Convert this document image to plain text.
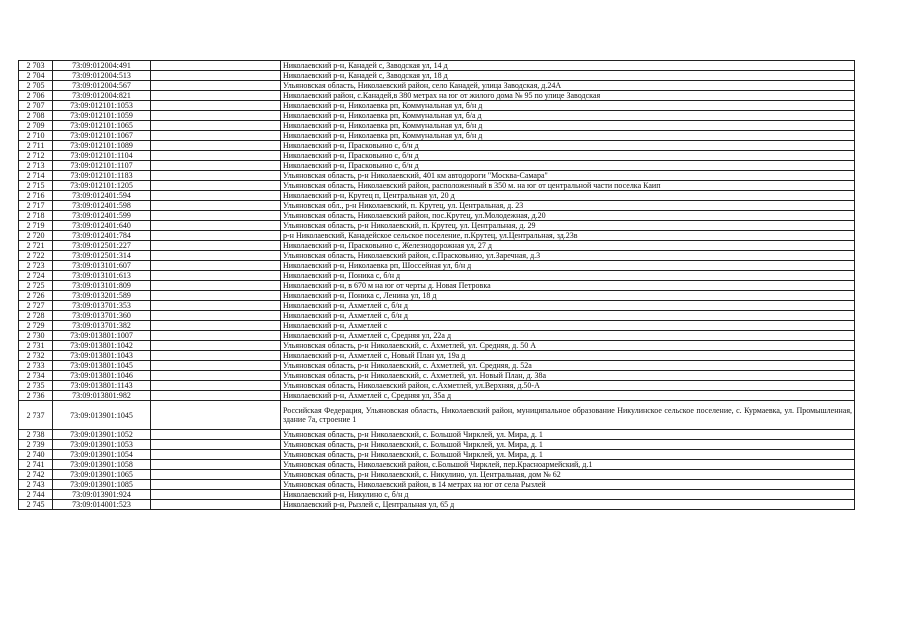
2 703	73:09:012004:491		Николаевский р-н, Канадей с, Заводская ул, 14 д
2 704	73:09:012004:513		Николаевский р-н, Канадей с, Заводская ул, 18 д
2 705	73:09:012004:567		Ульяновская область, Николаевский район, село Канадей, улица Заводская, д.24А
2 706	73:09:012004:821		Николаевский район, с.Канадей,в 380 метрах на юг от жилого дома № 95 по улице Заводская
2 707	73:09:012101:1053		Николаевский р-н, Николаевка рп, Коммунальная ул, б/н д
2 708	73:09:012101:1059		Николаевский р-н, Николаевка рп, Коммунальная ул, б/а д
2 709	73:09:012101:1065		Николаевский р-н, Николаевка рп, Коммунальная ул, б/н д
2 710	73:09:012101:1067		Николаевский р-н, Николаевка рп, Коммунальная ул, б/н д
2 711	73:09:012101:1089		Николаевский р-н, Прасковьино с, б/н д
2 712	73:09:012101:1104		Николаевский р-н, Прасковьино с, б/н д
2 713	73:09:012101:1107		Николаевский р-н, Прасковьино с, б/н д
2 714	73:09:012101:1183		Ульяновская область, р-н Николаевский, 401 км автодороги "Москва-Самара"
2 715	73:09:012101:1205		Ульяновская область, Николаевский район, расположенный в 350 м. на юг от центральной части поселка Каип
2 716	73:09:012401:594		Николаевский р-н, Крутец п, Центральная ул, 20 д
2 717	73:09:012401:598		Ульяновская обл., р-н Николаевский, п. Крутец, ул. Центральная, д. 23
2 718	73:09:012401:599		Ульяновская область, Николаевский район, пос.Крутец, ул.Молодежная, д.20
2 719	73:09:012401:640		Ульяновская область, р-н Николаевский, п. Крутец, ул. Центральная, д. 29
2 720	73:09:012401:784		р-н Николаевский, Канадейское сельское поселение, п.Крутец, ул.Центральная, зд.23в
2 721	73:09:012501:227		Николаевский р-н, Прасковьино с, Железнодорожная ул, 27 д
2 722	73:09:012501:314		Ульяновская область, Николаевский район, с.Прасковьино, ул.Заречная, д.3
2 723	73:09:013101:607		Николаевский р-н, Николаевка рп, Шоссейная ул, б/н д
2 724	73:09:013101:613		Николаевский р-н, Поника с, б/н д
2 725	73:09:013101:809		Николаевский р-н, в 670 м на юг от черты д. Новая Петровка
2 726	73:09:013201:589		Николаевский р-н, Поника с, Ленина ул, 18 д
2 727	73:09:013701:353		Николаевский р-н, Ахметлей с, б/н д
2 728	73:09:013701:360		Николаевский р-н, Ахметлей с, б/н д
2 729	73:09:013701:382		Николаевский р-н, Ахметлей с
2 730	73:09:013801:1007		Николаевский р-н, Ахметлей с, Средняя ул, 22а д
2 731	73:09:013801:1042		Ульяновская область, р-н Николаевский, с. Ахметлей, ул. Средняя, д. 50 А
2 732	73:09:013801:1043		Николаевский р-н, Ахметлей с, Новый План ул, 19а д
2 733	73:09:013801:1045		Ульяновская область, р-н Николаевский, с. Ахметлей, ул. Средняя, д. 52а
2 734	73:09:013801:1046		Ульяновская область, р-н Николаевский, с. Ахметлей, ул. Новый План, д. 38а
2 735	73:09:013801:1143		Ульяновская область, Николаевский район, с.Ахметлей, ул.Верхняя, д.50-А
2 736	73:09:013801:982		Николаевский р-н, Ахметлей с, Средняя ул, 35а д
2 737	73:09:013901:1045		Российская Федерация, Ульяновская область, Николаевский район, муниципальное образование Никулинское сельское поселение, с. Курмаевка, ул. Промышленная, здание 7а, строение 1
2 738	73:09:013901:1052		Ульяновская область, р-н Николаевский, с. Большой Чирклей, ул. Мира, д. 1
2 739	73:09:013901:1053		Ульяновская область, р-н Николаевский, с. Большой Чирклей, ул. Мира, д. 1
2 740	73:09:013901:1054		Ульяновская область, р-н Николаевский, с. Большой Чирклей, ул. Мира, д. 1
2 741	73:09:013901:1058		Ульяновская область, Николаевский район, с.Большой Чирклей, пер.Красноармейский, д.1
2 742	73:09:013901:1065		Ульяновская область, р-н Николаевский, с. Никулино, ул. Центральная, дом № 62
2 743	73:09:013901:1085		Ульяновская область, Николаевский район, в 14 метрах на юг от села Рызлей
2 744	73:09:013901:924		Николаевский р-н, Никулино с, б/н д
2 745	73:09:014001:523		Николаевский р-н, Рызлей с, Центральная ул, 65 д
